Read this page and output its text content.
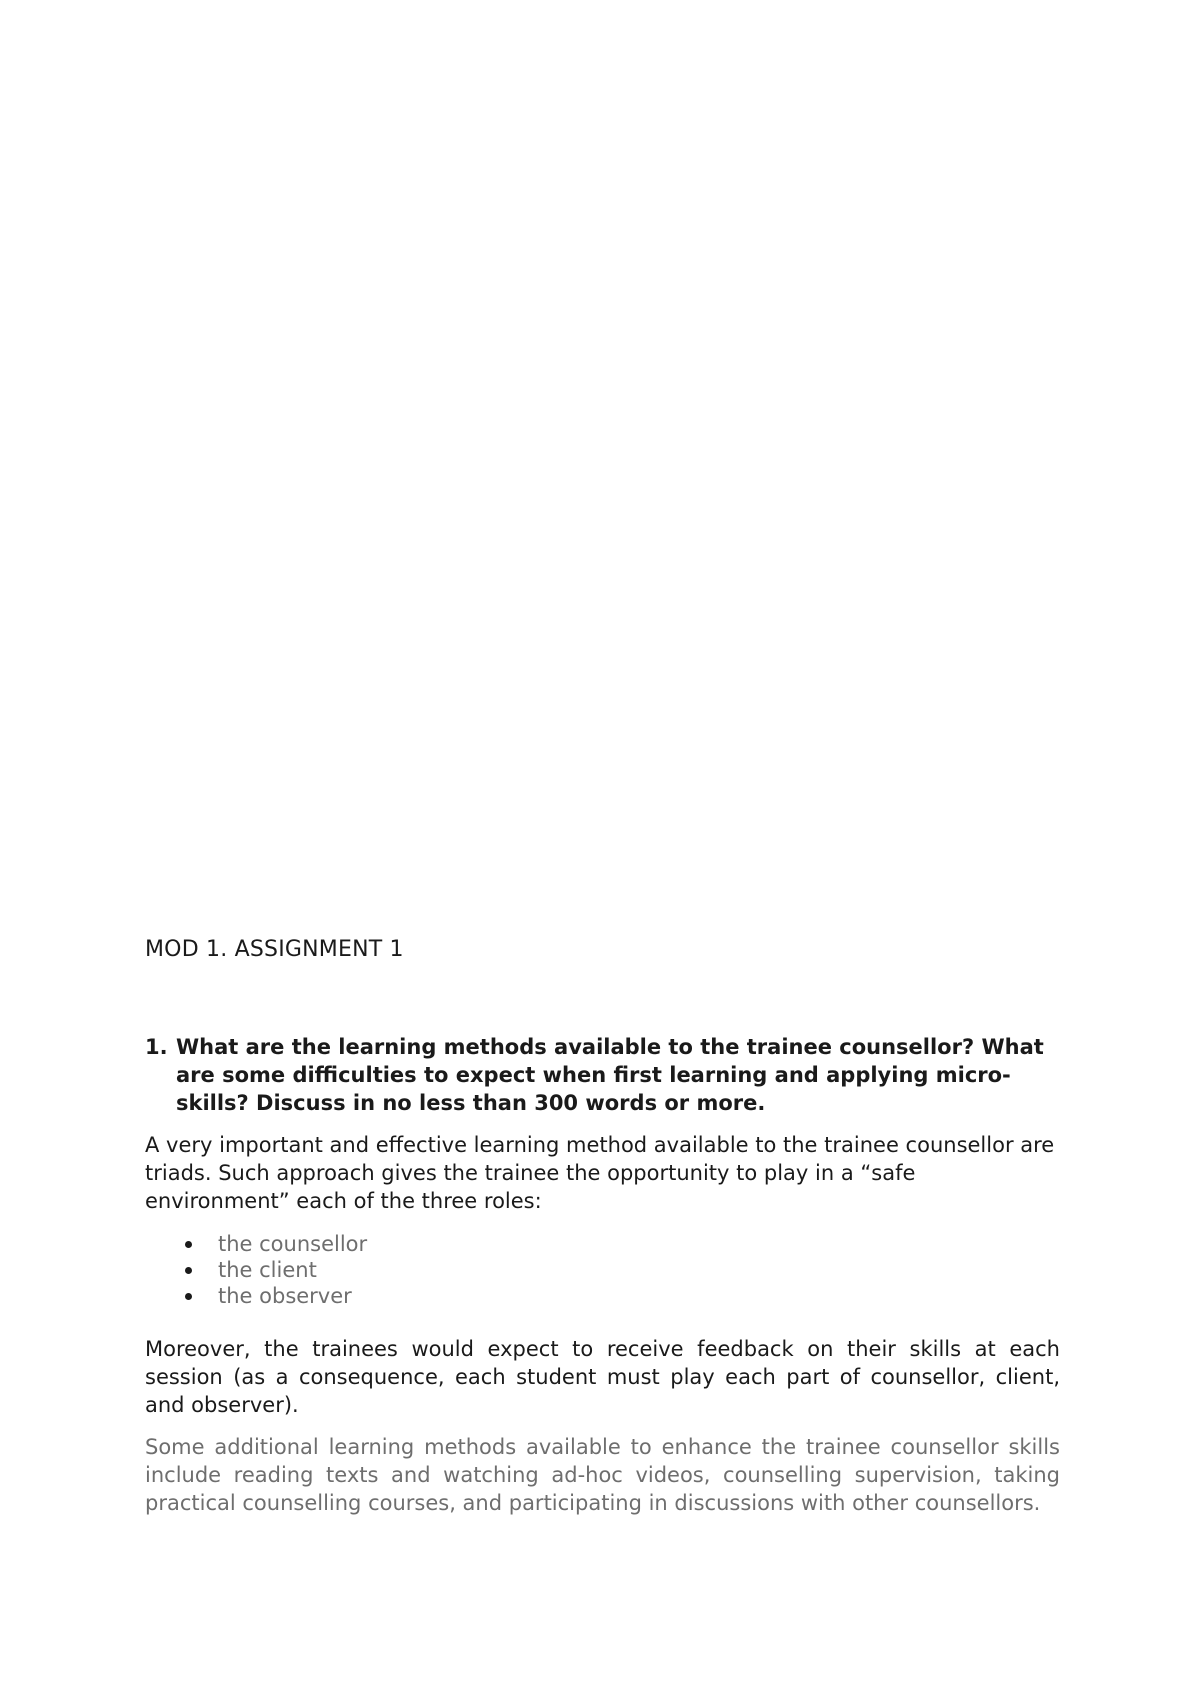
MOD 1. ASSIGNMENT 1
1. What are the learning methods available to the trainee counsellor? What are some difficulties to expect when first learning and applying micro-skills? Discuss in no less than 300 words or more.

A very important and effective learning method available to the trainee counsellor are triads. Such approach gives the trainee the opportunity to play in a “safe environment” each of the three roles:

the counsellor
the client
the observer

Moreover, the trainees would expect to receive feedback on their skills at each session (as a consequence, each student must play each part of counsellor, client, and observer).

Some additional learning methods available to enhance the trainee counsellor skills include reading texts and watching ad-hoc videos, counselling supervision, taking practical counselling courses, and participating in discussions with other counsellors.
